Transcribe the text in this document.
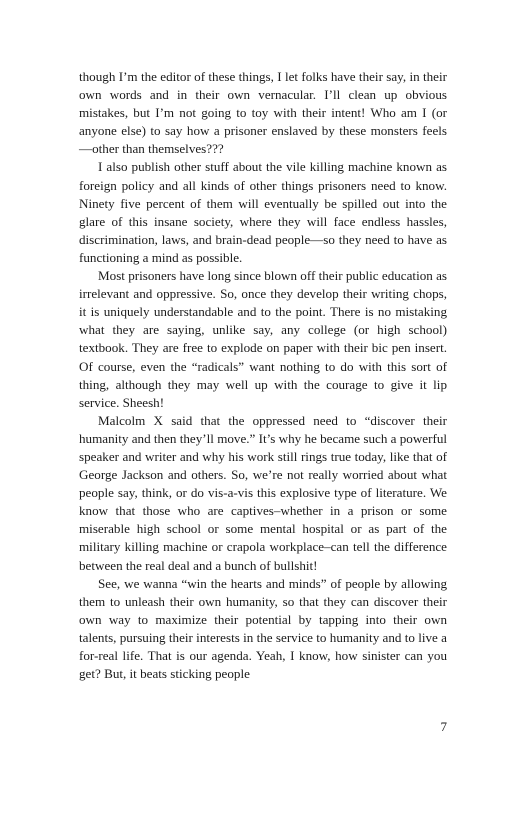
though I’m the editor of these things, I let folks have their say, in their own words and in their own vernacular. I’ll clean up obvious mistakes, but I’m not going to toy with their intent! Who am I (or anyone else) to say how a prisoner enslaved by these monsters feels—other than themselves???

I also publish other stuff about the vile killing machine known as foreign policy and all kinds of other things prisoners need to know. Ninety five percent of them will eventually be spilled out into the glare of this insane society, where they will face endless hassles, discrimination, laws, and brain-dead people—so they need to have as functioning a mind as possible.

Most prisoners have long since blown off their public education as irrelevant and oppressive. So, once they develop their writing chops, it is uniquely understandable and to the point. There is no mistaking what they are saying, unlike say, any college (or high school) textbook. They are free to explode on paper with their bic pen insert. Of course, even the “radicals” want nothing to do with this sort of thing, although they may well up with the courage to give it lip service. Sheesh!

Malcolm X said that the oppressed need to “discover their humanity and then they’ll move.” It’s why he became such a powerful speaker and writer and why his work still rings true today, like that of George Jackson and others. So, we’re not really worried about what people say, think, or do vis-a-vis this explosive type of literature. We know that those who are captives–whether in a prison or some miserable high school or some mental hospital or as part of the military killing machine or crapola workplace–can tell the difference between the real deal and a bunch of bullshit!

See, we wanna “win the hearts and minds” of people by allowing them to unleash their own humanity, so that they can discover their own way to maximize their potential by tapping into their own talents, pursuing their interests in the service to humanity and to live a for-real life. That is our agenda. Yeah, I know, how sinister can you get? But, it beats sticking people

7
